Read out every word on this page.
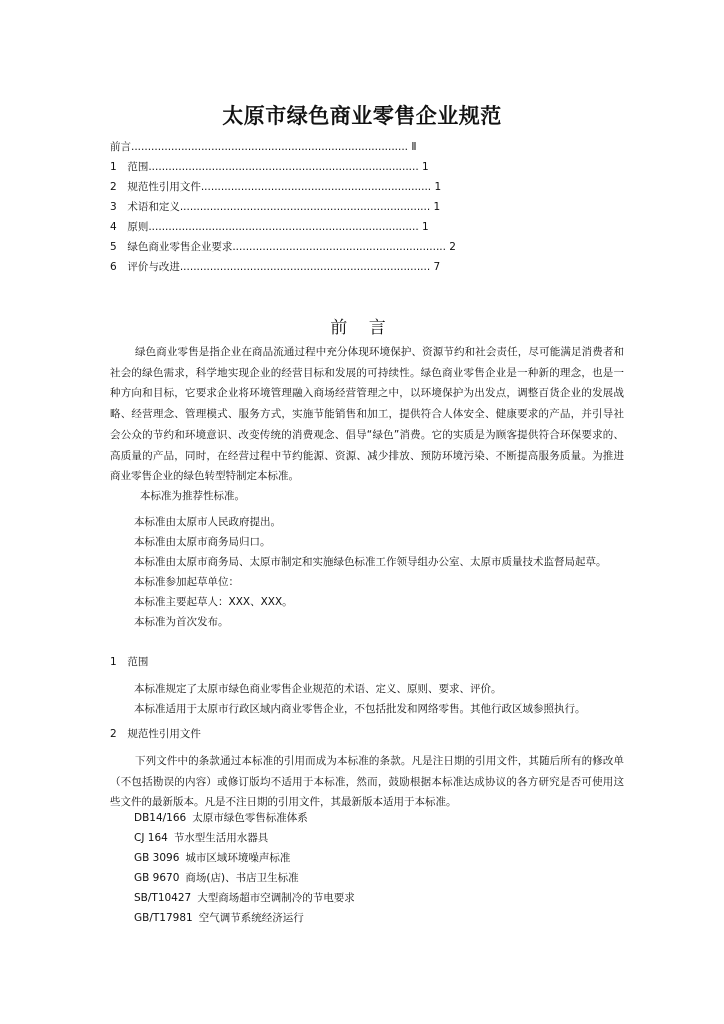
太原市绿色商业零售企业规范
前言................................................................................... Ⅱ
1 范围................................................................................. 1
2 规范性引用文件..................................................................... 1
3 术语和定义........................................................................... 1
4 原则................................................................................. 1
5 绿色商业零售企业要求................................................................ 2
6 评价与改进........................................................................... 7
前 言

绿色商业零售是指企业在商品流通过程中充分体现环境保护、资源节约和社会责任，尽可能满足消费者和社会的绿色需求，科学地实现企业的经营目标和发展的可持续性。绿色商业零售企业是一种新的理念，也是一种方向和目标，它要求企业将环境管理融入商场经营管理之中，以环境保护为出发点，调整百货企业的发展战略、经营理念、管理模式、服务方式，实施节能销售和加工，提供符合人体安全、健康要求的产品，并引导社会公众的节约和环境意识、改变传统的消费观念、倡导“绿色”消费。它的实质是为顾客提供符合环保要求的、高质量的产品，同时，在经营过程中节约能源、资源、减少排放、预防环境污染、不断提高服务质量。为推进商业零售企业的绿色转型特制定本标准。

本标准为推荐性标准。

本标准由太原市人民政府提出。

本标准由太原市商务局归口。

本标准由太原市商务局、太原市制定和实施绿色标准工作领导组办公室、太原市质量技术监督局起草。

本标准参加起草单位：

本标准主要起草人：XXX、XXX。

本标准为首次发布。

1 范围

本标准规定了太原市绿色商业零售企业规范的术语、定义、原则、要求、评价。

本标准适用于太原市行政区域内商业零售企业，不包括批发和网络零售。其他行政区域参照执行。

2 规范性引用文件

下列文件中的条款通过本标准的引用而成为本标准的条款。凡是注日期的引用文件，其随后所有的修改单（不包括勘误的内容）或修订版均不适用于本标准，然而，鼓励根据本标准达成协议的各方研究是否可使用这些文件的最新版本。凡是不注日期的引用文件，其最新版本适用于本标准。

DB14/166 太原市绿色零售标准体系

CJ 164 节水型生活用水器具

GB 3096 城市区域环境噪声标准

GB 9670 商场(店)、书店卫生标准

SB/T10427 大型商场超市空调制冷的节电要求

GB/T17981 空气调节系统经济运行
